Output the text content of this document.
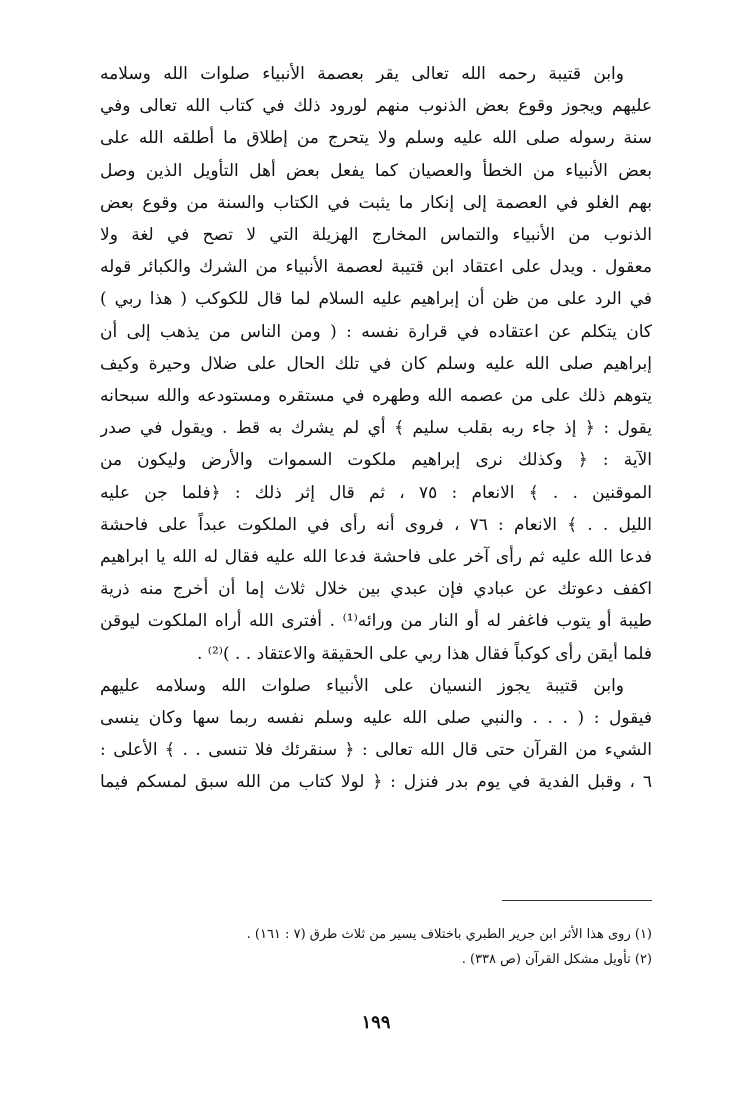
وابن قتيبة رحمه الله تعالى يقر بعصمة الأنبياء صلوات الله وسلامه
عليهم ويجوز وقوع بعض الذنوب منهم لورود ذلك في كتاب الله تعالى وفي
سنة رسوله صلى الله عليه وسلم ولا يتحرج من إطلاق ما أطلقه الله على
بعض الأنبياء من الخطأ والعصيان كما يفعل بعض أهل التأويل الذين وصل
بهم الغلو في العصمة إلى إنكار ما يثبت في الكتاب والسنة من وقوع بعض
الذنوب من الأنبياء والتماس المخارج الهزيلة التي لا تصح في لغة ولا
معقول . ويدل على اعتقاد ابن قتيبة لعصمة الأنبياء من الشرك والكبائر قوله
في الرد على من ظن أن إبراهيم عليه السلام لما قال للكوكب ( هذا ربي )
كان يتكلم عن اعتقاده في قرارة نفسه : ( ومن الناس من يذهب إلى أن
إبراهيم صلى الله عليه وسلم كان في تلك الحال على ضلال وحيرة وكيف
يتوهم ذلك على من عصمه الله وطهره في مستقره ومستودعه والله سبحانه
يقول : ﴿ إذ جاء ربه بقلب سليم ﴾ أي لم يشرك به قط . ويقول في صدر
الآية : ﴿ وكذلك نرى إبراهيم ملكوت السموات والأرض وليكون من
الموقنين . . ﴾ الانعام : ٧٥ ، ثم قال إثر ذلك : ﴿فلما جن عليه
الليل . . ﴾ الانعام : ٧٦ ، فروى أنه رأى في الملكوت عبداً على فاحشة
فدعا الله عليه ثم رأى آخر على فاحشة فدعا الله عليه فقال له الله يا ابراهيم
اكفف دعوتك عن عبادي فإن عبدي بين خلال ثلاث إما أن أخرج منه ذرية
طيبة أو يتوب فاغفر له أو النار من ورائه⁽¹⁾ . أفترى الله أراه الملكوت ليوقن
فلما أيقن رأى كوكباً فقال هذا ربي على الحقيقة والاعتقاد . . )⁽²⁾ .
وابن قتيبة يجوز النسيان على الأنبياء صلوات الله وسلامه عليهم
فيقول : ( . . . والنبي صلى الله عليه وسلم نفسه ربما سها وكان ينسى
الشيء من القرآن حتى قال الله تعالى : ﴿ سنقرئك فلا تنسى . . ﴾ الأعلى :
٦ ، وقبل الفدية في يوم بدر فنزل : ﴿ لولا كتاب من الله سبق لمسكم فيما
(١) روى هذا الأثر ابن جرير الطبري باختلاف يسير من ثلاث طرق (٧ : ١٦١) .
(٢) تأويل مشكل القرآن (ص ٣٣٨) .
١٩٩
